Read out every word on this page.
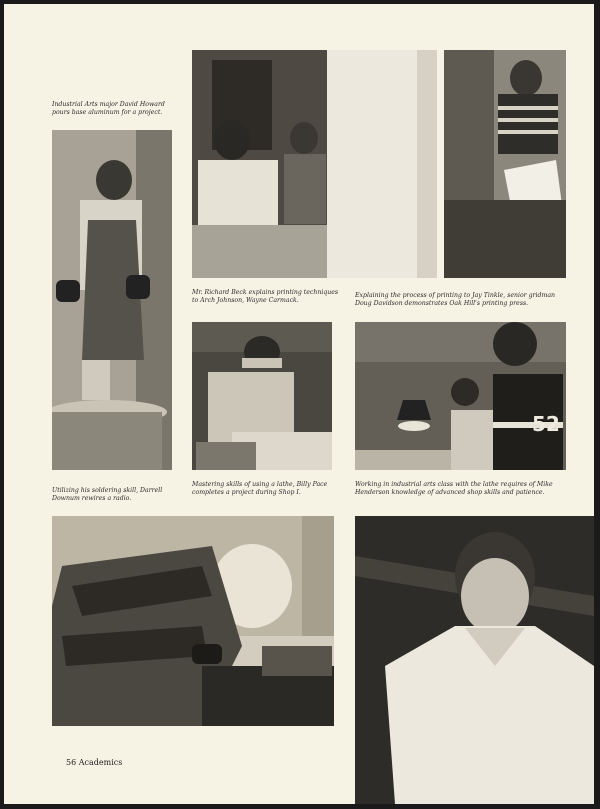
Industrial Arts major David Howard pours base aluminum for a project.

Mr. Richard Beck explains printing techniques to Arch Johnson, Wayne Carmack.

Explaining the process of printing to Jay Tinkle, senior gridman Doug Davidson demonstrates Oak Hill's printing press.

52

Utilizing his soldering skill, Darrell Downum rewires a radio.

Mastering skills of using a lathe, Billy Pace completes a project during Shop I.

Working in industrial arts class with the lathe requires of Mike Henderson knowledge of advanced shop skills and patience.

56 Academics
